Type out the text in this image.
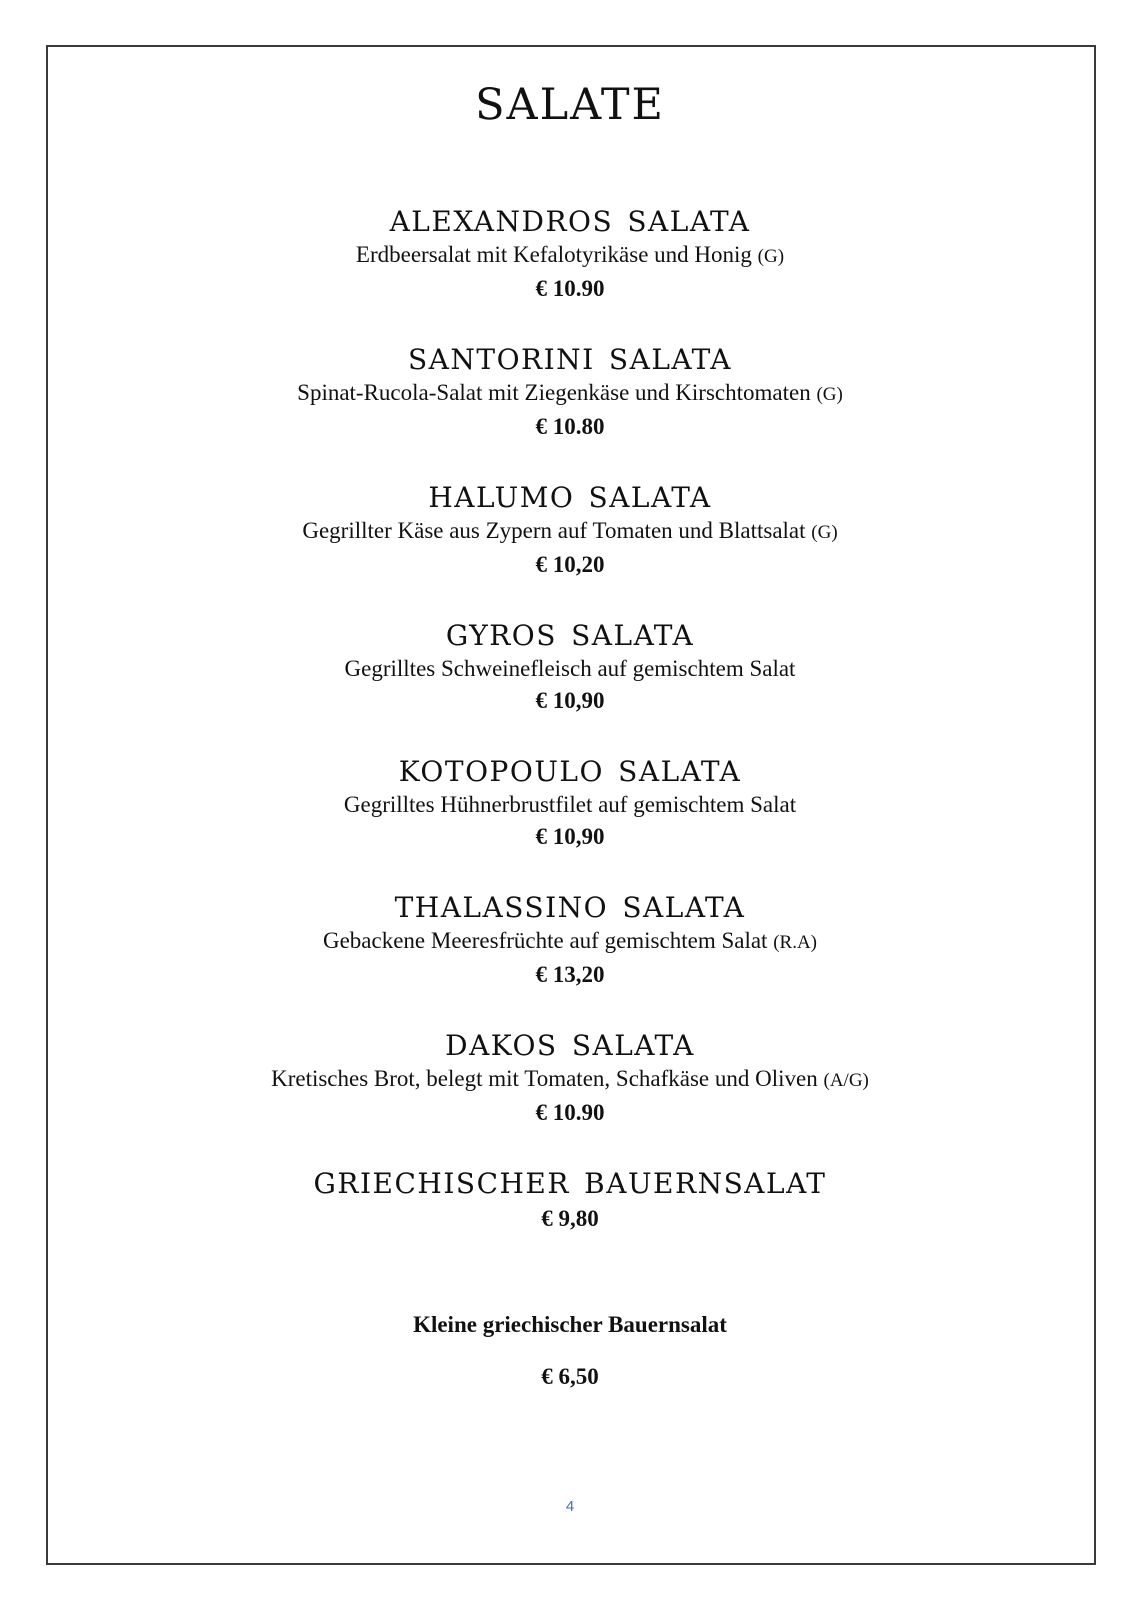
salate
alexandros salata
Erdbeersalat mit Kefalotyrikäse und Honig (G)
€ 10.90
santorini salata
Spinat-Rucola-Salat mit Ziegenkäse und Kirschtomaten (G)
€ 10.80
halumo salata
Gegrillter Käse aus Zypern auf Tomaten und Blattsalat (G)
€ 10,20
gyros salata
Gegrilltes Schweinefleisch auf gemischtem Salat
€ 10,90
kotopoulo salata
Gegrilltes Hühnerbrustfilet auf gemischtem Salat
€ 10,90
thalassino salata
Gebackene Meeresfrüchte auf gemischtem Salat (R.A)
€ 13,20
dakos salata
Kretisches Brot, belegt mit Tomaten, Schafkäse und Oliven (A/G)
€ 10.90
griechischer bauernsalat
€ 9,80
Kleine griechischer Bauernsalat
€ 6,50
4
